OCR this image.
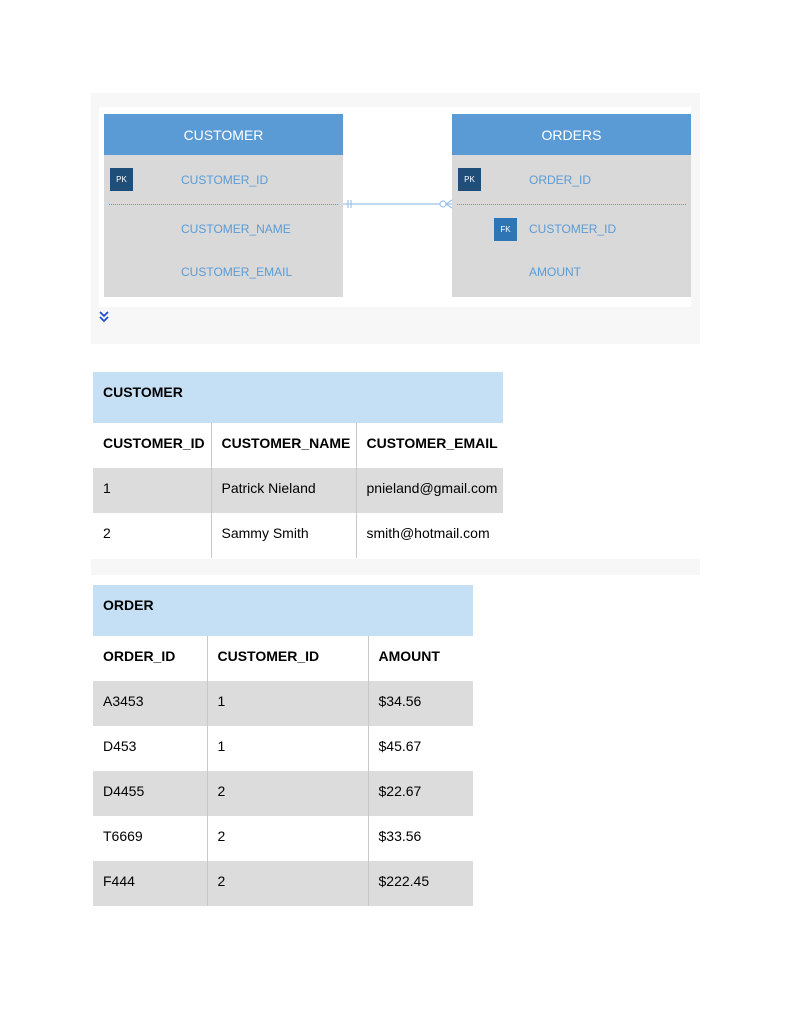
CUSTOMER
PK	CUSTOMER_ID
CUSTOMER_NAME
CUSTOMER_EMAIL
ORDERS
PK	ORDER_ID
FK	CUSTOMER_ID
AMOUNT
CUSTOMER		
CUSTOMER_ID	CUSTOMER_NAME	CUSTOMER_EMAIL
1	Patrick Nieland	pnieland@gmail.com
2	Sammy Smith	smith@hotmail.com
ORDER		
ORDER_ID	CUSTOMER_ID	AMOUNT
A3453	1	$34.56
D453	1	$45.67
D4455	2	$22.67
T6669	2	$33.56
F444	2	$222.45
